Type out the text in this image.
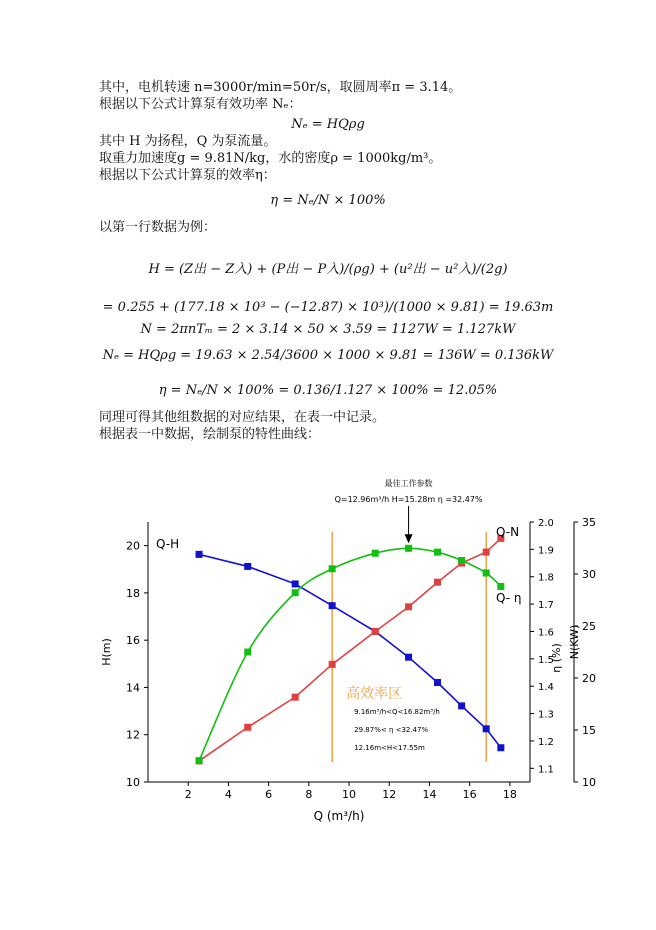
其中，电机转速 n=3000r/min=50r/s，取圆周率π = 3.14。
根据以下公式计算泵有效功率 Nₑ：
Nₑ = HQρg
其中 H 为扬程，Q 为泵流量。
取重力加速度g = 9.81N/kg，水的密度ρ = 1000kg/m³。
根据以下公式计算泵的效率η：
η = Nₑ/N × 100%
以第一行数据为例：
H = (Z出 − Z入) + (P出 − P入)/(ρg) + (u²出 − u²入)/(2g)
= 0.255 + (177.18 × 10³ − (−12.87) × 10³)/(1000 × 9.81) = 19.63m
N = 2πnTₘ = 2 × 3.14 × 50 × 3.59 = 1127W = 1.127kW
Nₑ = HQρg = 19.63 × 2.54/3600 × 1000 × 9.81 = 136W = 0.136kW
η = Nₑ/N × 100% = 0.136/1.127 × 100% = 12.05%
同理可得其他组数据的对应结果，在表一中记录。
根据表一中数据，绘制泵的特性曲线：
2	4	6	8	10 12 14 16 18
Q (m³/h)
10
12
14
16
18
20
H(m)
1.1
1.2
1.3
1.4
1.5
1.6
1.7
1.8
1.9
2.0
N(KW)
10
15
20
25
30
35
η (%)
Q-H
Q-N
Q- η
最佳工作参数
Q=12.96m³/h H=15.28m η =32.47%
高效率区
9.16m³/h<Q<16.82m³/h
29.87%< η <32.47%
12.16m<H<17.55m
